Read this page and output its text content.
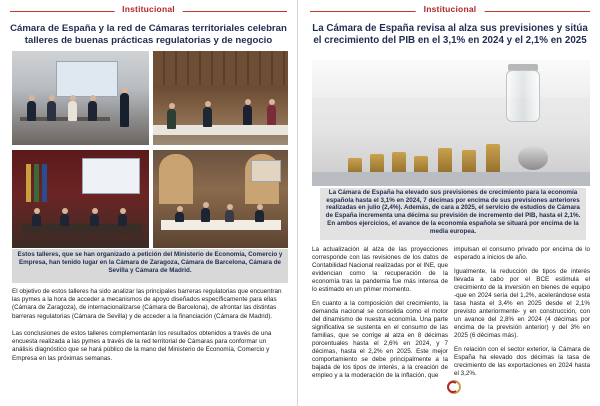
Institucional
Cámara de España y la red de Cámaras territoriales celebran talleres de buenas prácticas regulatorias y de negocio
Estos talleres, que se han organizado a petición del Ministerio de Economía, Comercio y Empresa, han tenido lugar en la Cámara de Zaragoza, Cámara de Barcelona, Cámara de Sevilla y Cámara de Madrid.

El objetivo de estos talleres ha sido analizar las principales barreras regulatorias que encuentran las pymes a la hora de acceder a mecanismos de apoyo diseñados específicamente para ellas (Cámara de Zaragoza), de internacionalizarse (Cámara de Barcelona), de afrontar las distintas barreras regulatorias (Cámara de Sevilla) y de acceder a la financiación (Cámara de Madrid).

Las conclusiones de estos talleres complementarán los resultados obtenidos a través de una encuesta realizada a las pymes a través de la red territorial de Cámaras para conformar un análisis diagnóstico que se hará público de la mano del Ministerio de Economía, Comercio y Empresa en las próximas semanas.

Institucional
La Cámara de España revisa al alza sus previsiones y sitúa el crecimiento del PIB en el 3,1% en 2024 y el 2,1% en 2025
La Cámara de España ha elevado sus previsiones de crecimiento para la economía española hasta el 3,1% en 2024, 7 décimas por encima de sus previsiones anteriores realizadas en julio (2,4%). Además, de cara a 2025, el servicio de estudios de Cámara de España incrementa una décima su previsión de incremento del PIB, hasta el 2,1%. En ambos ejercicios, el avance de la economía española se situará por encima de la media europea.

La actualización al alza de las proyecciones corresponde con las revisiones de los datos de Contabilidad Nacional realizadas por el INE, que evidencian como la recuperación de la economía tras la pandemia fue más intensa de lo estimado en un primer momento.

En cuanto a la composición del crecimiento, la demanda nacional se consolida como el motor del dinamismo de nuestra economía. Una parte significativa se sustenta en el consumo de las familias, que se corrige al alza en 8 décimas porcentuales hasta el 2,6% en 2024, y 7 décimas, hasta el 2,2% en 2025. Este mejor comportamiento se debe principalmente a la bajada de los tipos de interés, a la creación de empleo y a la moderación de la inflación, que

impulsan el consumo privado por encima de lo esperado a inicios de año.

Igualmente, la reducción de tipos de interés llevada a cabo por el BCE estimula el crecimiento de la inversión en bienes de equipo -que en 2024 sería del 1,2%, acelerándose esta tasa hasta el 3,4% en 2025 desde el 2,1% previsto anteriormente- y en construcción, con un avance del 2,8% en 2024 (4 décimas por encima de la previsión anterior) y del 3% en 2025 (6 décimas más).

En relación con el sector exterior, la Cámara de España ha elevado dos décimas la tasa de crecimiento de las exportaciones en 2024 hasta el 3,2%.
